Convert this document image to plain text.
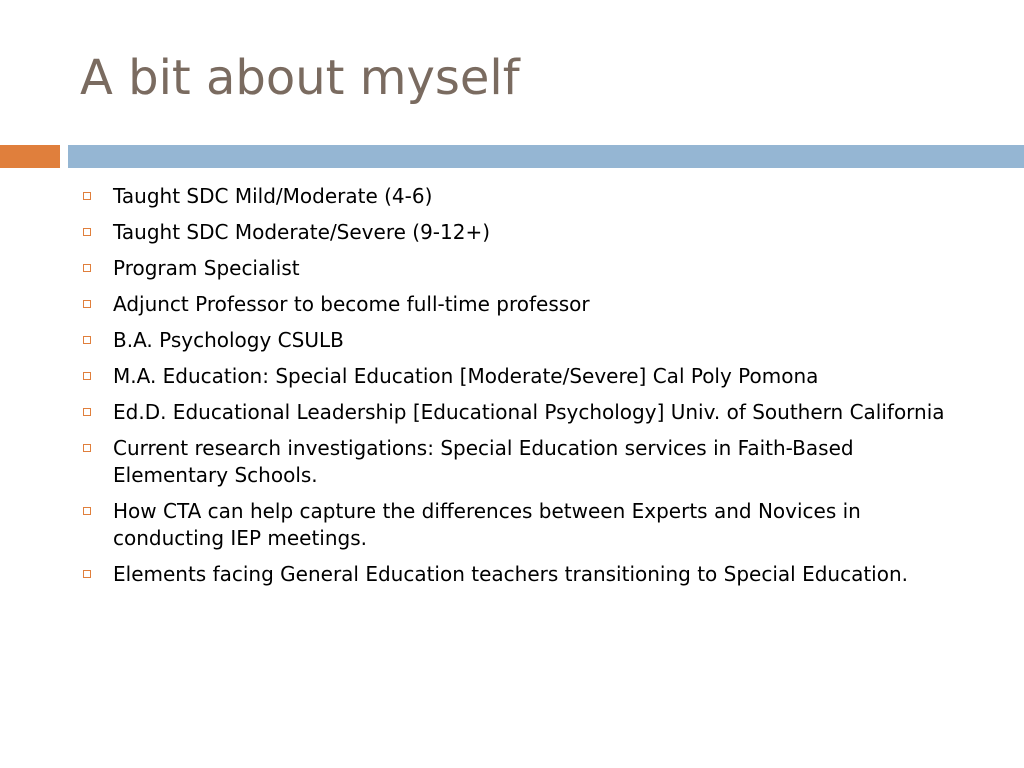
A bit about myself
Taught SDC Mild/Moderate (4-6)
Taught SDC Moderate/Severe (9-12+)
Program Specialist
Adjunct Professor to become full-time professor
B.A. Psychology CSULB
M.A. Education: Special Education [Moderate/Severe] Cal Poly Pomona
Ed.D. Educational Leadership [Educational Psychology] Univ. of Southern California
Current research investigations: Special Education services in Faith-Based Elementary Schools.
How CTA can help capture the differences between Experts and Novices in conducting IEP meetings.
Elements facing General Education teachers transitioning to Special Education.
